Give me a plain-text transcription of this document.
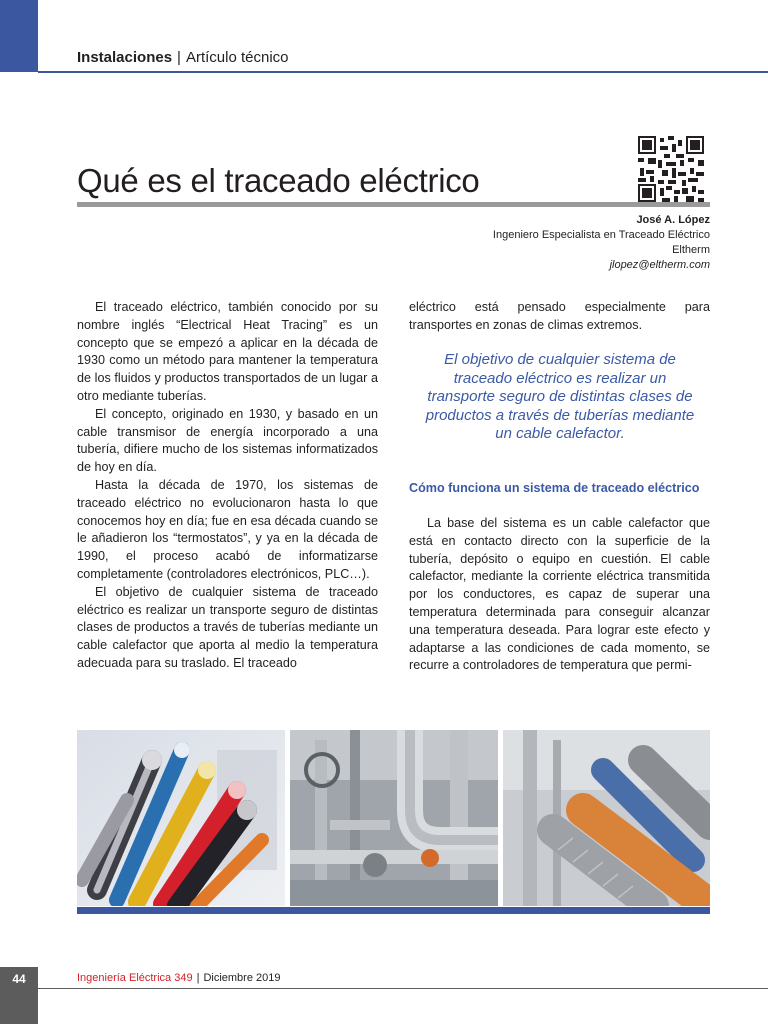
Instalaciones | Artículo técnico
Qué es el traceado eléctrico
José A. López
Ingeniero Especialista en Traceado Eléctrico
Eltherm
jlopez@eltherm.com

El traceado eléctrico, también conocido por su nombre inglés “Electrical Heat Tracing” es un concepto que se empezó a aplicar en la década de 1930 como un método para mantener la temperatura de los fluidos y productos transportados de un lugar a otro mediante tuberías.

El concepto, originado en 1930, y basado en un cable transmisor de energía incorporado a una tubería, difiere mucho de los sistemas informatizados de hoy en día.

Hasta la década de 1970, los sistemas de traceado eléctrico no evolucionaron hasta lo que conocemos hoy en día; fue en esa década cuando se le añadieron los “termostatos”, y ya en la década de 1990, el proceso acabó de informatizarse completamente (controladores electrónicos, PLC…).

El objetivo de cualquier sistema de traceado eléctrico es realizar un transporte seguro de distintas clases de productos a través de tuberías mediante un cable calefactor que aporta al medio la temperatura adecuada para su traslado. El traceado

eléctrico está pensado especialmente para transportes en zonas de climas extremos.

El objetivo de cualquier sistema de traceado eléctrico es realizar un transporte seguro de distintas clases de productos a través de tuberías mediante un cable calefactor.
Cómo funciona un sistema de traceado eléctrico

La base del sistema es un cable calefactor que está en contacto directo con la superficie de la tubería, depósito o equipo en cuestión. El cable calefactor, mediante la corriente eléctrica transmitida por los conductores, es capaz de superar una temperatura determinada para conseguir alcanzar una temperatura deseada. Para lograr este efecto y adaptarse a las condiciones de cada momento, se recurre a controladores de temperatura que permi-

44	Ingeniería Eléctrica 349 | Diciembre 2019
